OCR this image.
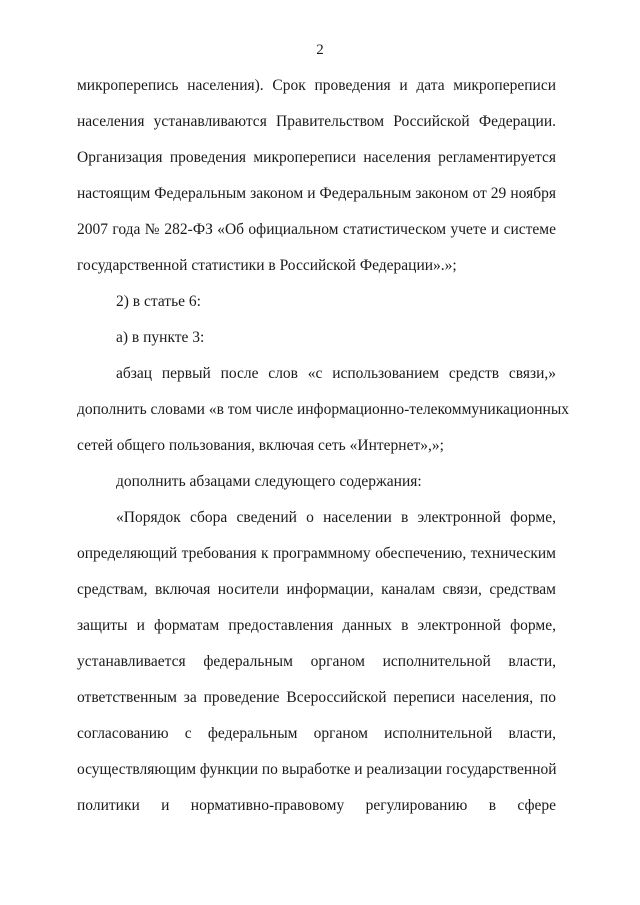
2
микроперепись населения). Срок проведения и дата микропереписи
населения устанавливаются Правительством Российской Федерации.
Организация проведения микропереписи населения регламентируется
настоящим Федеральным законом и Федеральным законом от 29 ноября
2007 года № 282-ФЗ «Об официальном статистическом учете и системе
государственной статистики в Российской Федерации».»;
2) в статье 6:
а) в пункте 3:
абзац первый после слов «с использованием средств связи,»
дополнить словами «в том числе информационно-телекоммуникационных
сетей общего пользования, включая сеть «Интернет»,»;
дополнить абзацами следующего содержания:
«Порядок сбора сведений о населении в электронной форме,
определяющий требования к программному обеспечению, техническим
средствам, включая носители информации, каналам связи, средствам
защиты и форматам предоставления данных в электронной форме,
устанавливается федеральным органом исполнительной власти,
ответственным за проведение Всероссийской переписи населения, по
согласованию с федеральным органом исполнительной власти,
осуществляющим функции по выработке и реализации государственной
политики и нормативно-правовому регулированию в сфере
